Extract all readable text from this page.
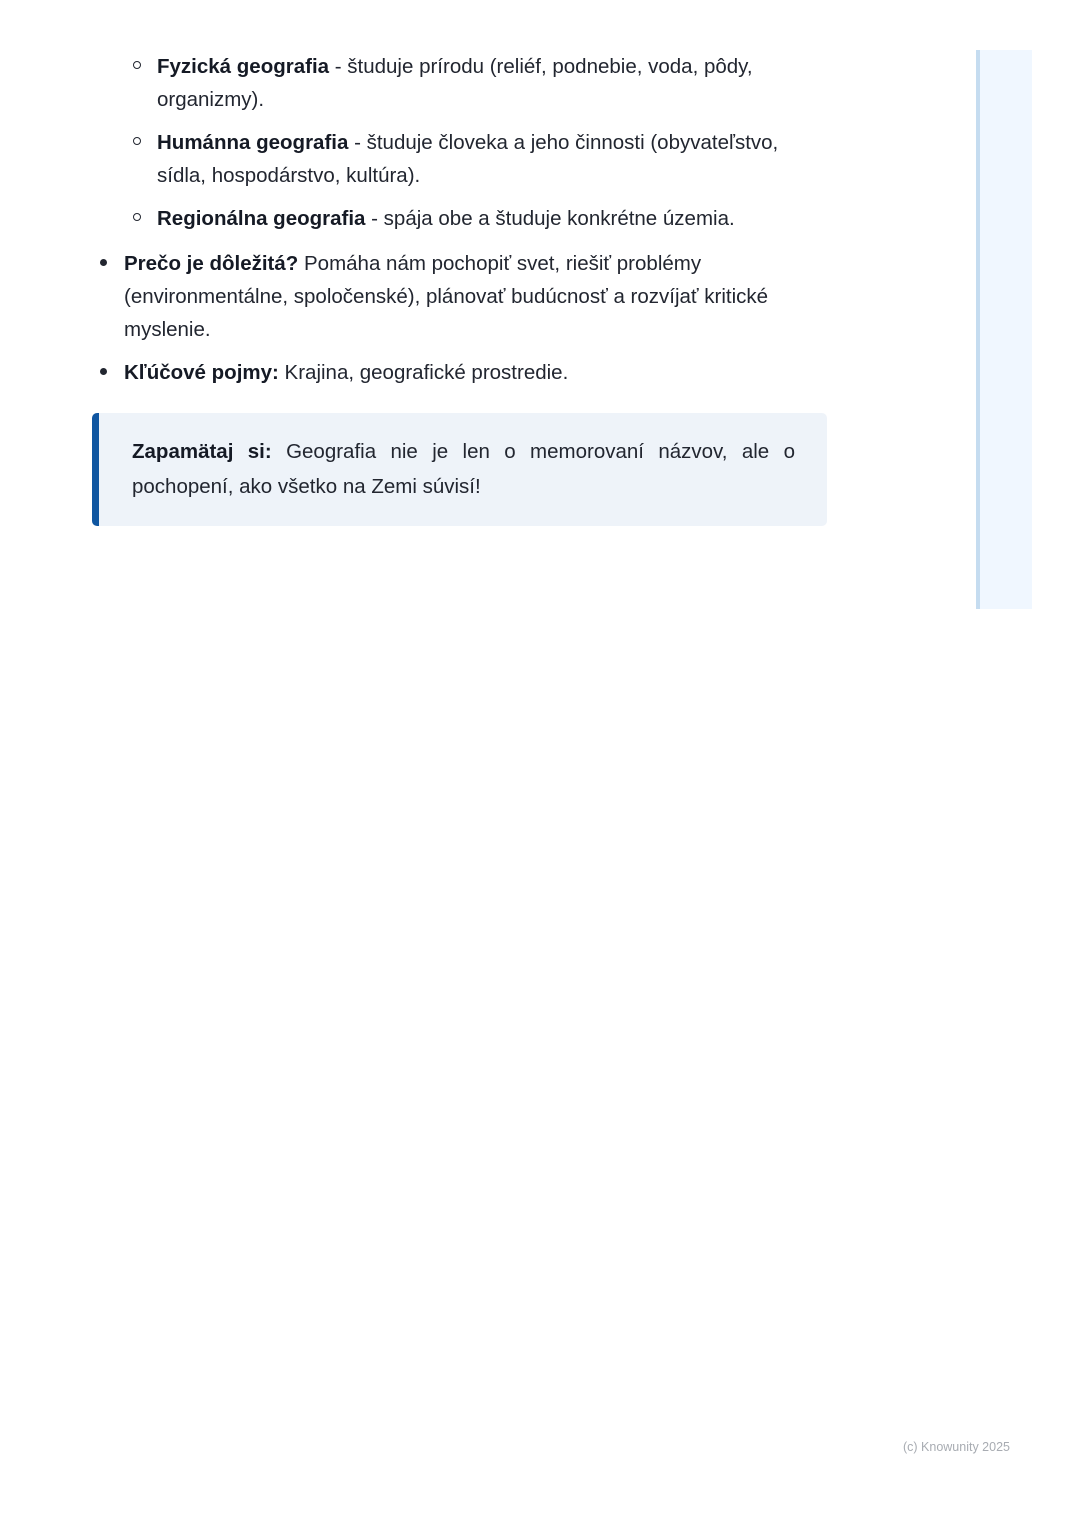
Fyzická geografia - študuje prírodu (reliéf, podnebie, voda, pôdy, organizmy).
Humánna geografia - študuje človeka a jeho činnosti (obyvateľstvo, sídla, hospodárstvo, kultúra).
Regionálna geografia - spája obe a študuje konkrétne územia.
Prečo je dôležitá? Pomáha nám pochopiť svet, riešiť problémy (environmentálne, spoločenské), plánovať budúcnosť a rozvíjať kritické myslenie.
Kľúčové pojmy: Krajina, geografické prostredie.
Zapamätaj si: Geografia nie je len o memorovaní názvov, ale o pochopení, ako všetko na Zemi súvisí!
(c) Knowunity 2025
